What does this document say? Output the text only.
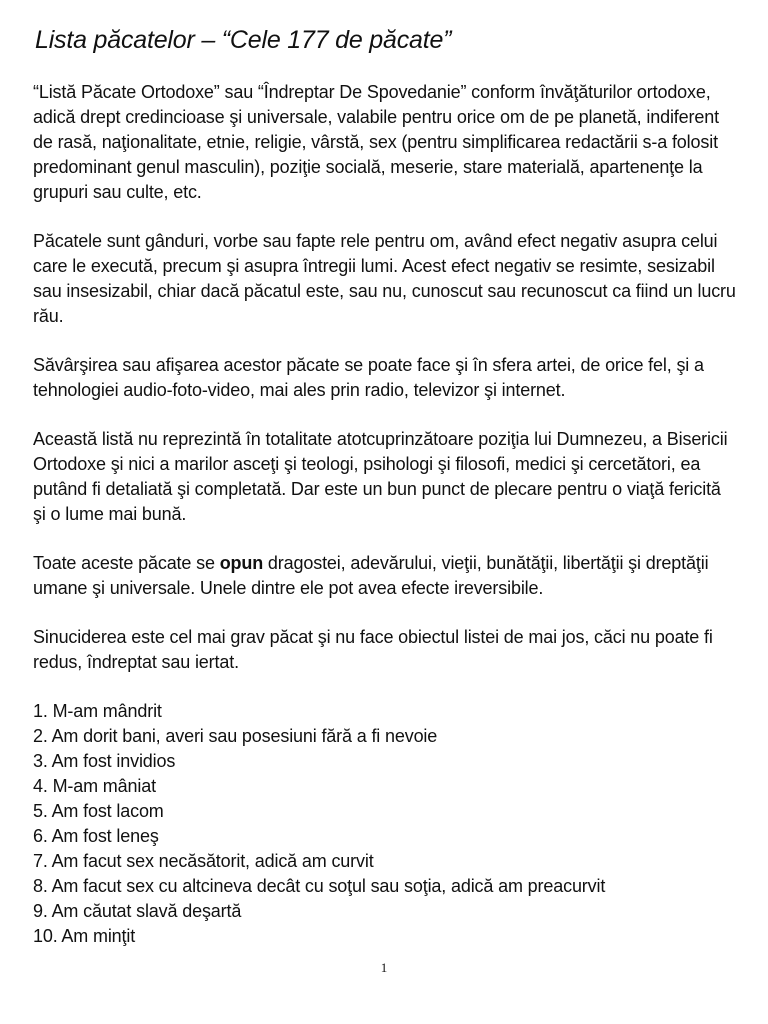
Lista păcatelor – “Cele 177 de păcate”

“Listă Păcate Ortodoxe” sau “Îndreptar De Spovedanie” conform învăţăturilor ortodoxe, adică drept credincioase şi universale, valabile pentru orice om de pe planetă, indiferent de rasă, naţionalitate, etnie, religie, vârstă, sex (pentru simplificarea redactării s-a folosit predominant genul masculin), poziţie socială, meserie, stare materială, apartenenţe la grupuri sau culte, etc.

Păcatele sunt gânduri, vorbe sau fapte rele pentru om, având efect negativ asupra celui care le execută, precum şi asupra întregii lumi. Acest efect negativ se resimte, sesizabil sau insesizabil, chiar dacă păcatul este, sau nu, cunoscut sau recunoscut ca fiind un lucru rău.

Săvârşirea sau afişarea acestor păcate se poate face şi în sfera artei, de orice fel, şi a tehnologiei audio-foto-video, mai ales prin radio, televizor şi internet.

Această listă nu reprezintă în totalitate atotcuprinzătoare poziţia lui Dumnezeu, a Bisericii Ortodoxe şi nici a marilor asceţi şi teologi, psihologi şi filosofi, medici şi cercetători, ea putând fi detaliată şi completată. Dar este un bun punct de plecare pentru o viaţă fericită şi o lume mai bună.

Toate aceste păcate se opun dragostei, adevărului, vieţii, bunătăţii, libertăţii şi dreptăţii umane şi universale. Unele dintre ele pot avea efecte ireversibile.

Sinuciderea este cel mai grav păcat şi nu face obiectul listei de mai jos, căci nu poate fi redus, îndreptat sau iertat.

1. M-am mândrit
2. Am dorit bani, averi sau posesiuni fără a fi nevoie
3. Am fost invidios
4. M-am mâniat
5. Am fost lacom
6. Am fost leneş
7. Am facut sex necăsătorit, adică am curvit
8. Am facut sex cu altcineva decât cu soţul sau soţia, adică am preacurvit
9. Am căutat slavă deşartă
10. Am minţit
1
